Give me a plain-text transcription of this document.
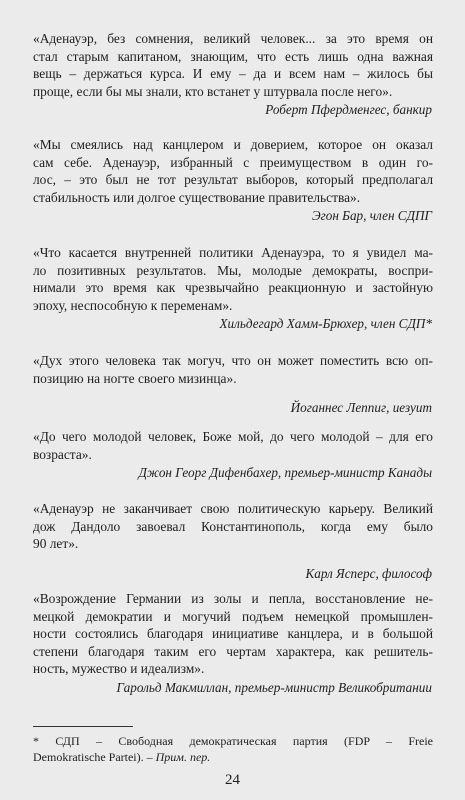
«Аденауэр, без сомнения, великий человек... за это время он
стал старым капитаном, знающим, что есть лишь одна важная
вещь – держаться курса. И ему – да и всем нам – жилось бы
проще, если бы мы знали, кто встанет у штурвала после него».

Роберт Пфердменгес, банкир

«Мы смеялись над канцлером и доверием, которое он оказал
сам себе. Аденауэр, избранный с преимуществом в один го-
лос, – это был не тот результат выборов, который предполагал
стабильность или долгое существование правительства».

Эгон Бар, член СДПГ

«Что касается внутренней политики Аденауэра, то я увидел ма-
ло позитивных результатов. Мы, молодые демократы, воспри-
нимали это время как чрезвычайно реакционную и застойную
эпоху, неспособную к переменам».

Хильдегард Хамм-Брюхер, член СДП*

«Дух этого человека так могуч, что он может поместить всю оп-
позицию на ногте своего мизинца».

Йоганнес Леппиг, иезуит

«До чего молодой человек, Боже мой, до чего молодой – для его
возраста».

Джон Георг Дифенбахер, премьер-министр Канады

«Аденауэр не заканчивает свою политическую карьеру. Великий
дож Дандоло завоевал Константинополь, когда ему было
90 лет».

Карл Ясперс, философ

«Возрождение Германии из золы и пепла, восстановление не-
мецкой демократии и могучий подъем немецкой промышлен-
ности состоялись благодаря инициативе канцлера, и в большой
степени благодаря таким его чертам характера, как решитель-
ность, мужество и идеализм».

Гарольд Макмиллан, премьер-министр Великобритании

* СДП – Свободная демократическая партия (FDP – Freie
Demokratische Partei). – Прим. пер.
24
